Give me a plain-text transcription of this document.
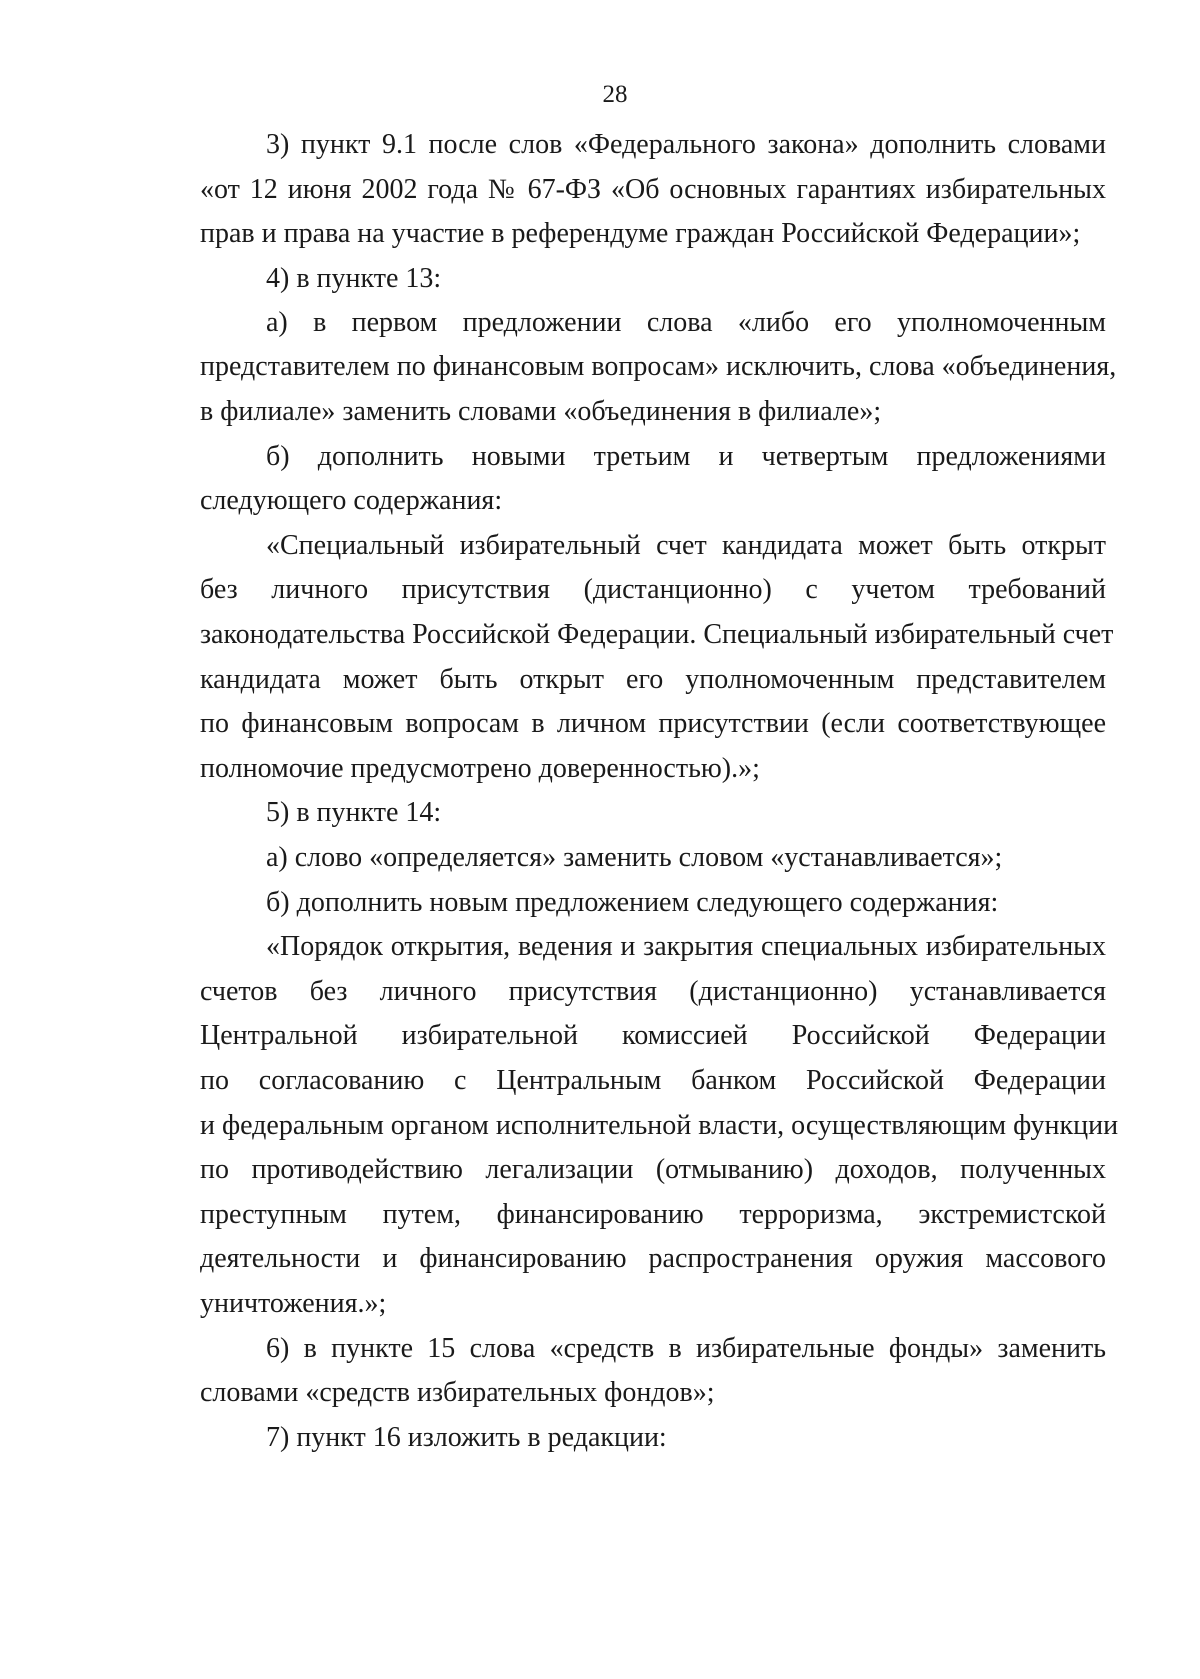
28
3) пункт 9.1 после слов «Федерального закона» дополнить словами
«от 12 июня 2002 года № 67-ФЗ «Об основных гарантиях избирательных
прав и права на участие в референдуме граждан Российской Федерации»;
4) в пункте 13:
а) в первом предложении слова «либо его уполномоченным
представителем по финансовым вопросам» исключить, слова «объединения,
в филиале» заменить словами «объединения в филиале»;
б) дополнить новыми третьим и четвертым предложениями
следующего содержания:
«Специальный избирательный счет кандидата может быть открыт
без личного присутствия (дистанционно) с учетом требований
законодательства Российской Федерации. Специальный избирательный счет
кандидата может быть открыт его уполномоченным представителем
по финансовым вопросам в личном присутствии (если соответствующее
полномочие предусмотрено доверенностью).»;
5) в пункте 14:
а) слово «определяется» заменить словом «устанавливается»;
б) дополнить новым предложением следующего содержания:
«Порядок открытия, ведения и закрытия специальных избирательных
счетов без личного присутствия (дистанционно) устанавливается
Центральной избирательной комиссией Российской Федерации
по согласованию с Центральным банком Российской Федерации
и федеральным органом исполнительной власти, осуществляющим функции
по противодействию легализации (отмыванию) доходов, полученных
преступным путем, финансированию терроризма, экстремистской
деятельности и финансированию распространения оружия массового
уничтожения.»;
6) в пункте 15 слова «средств в избирательные фонды» заменить
словами «средств избирательных фондов»;
7) пункт 16 изложить в редакции:
